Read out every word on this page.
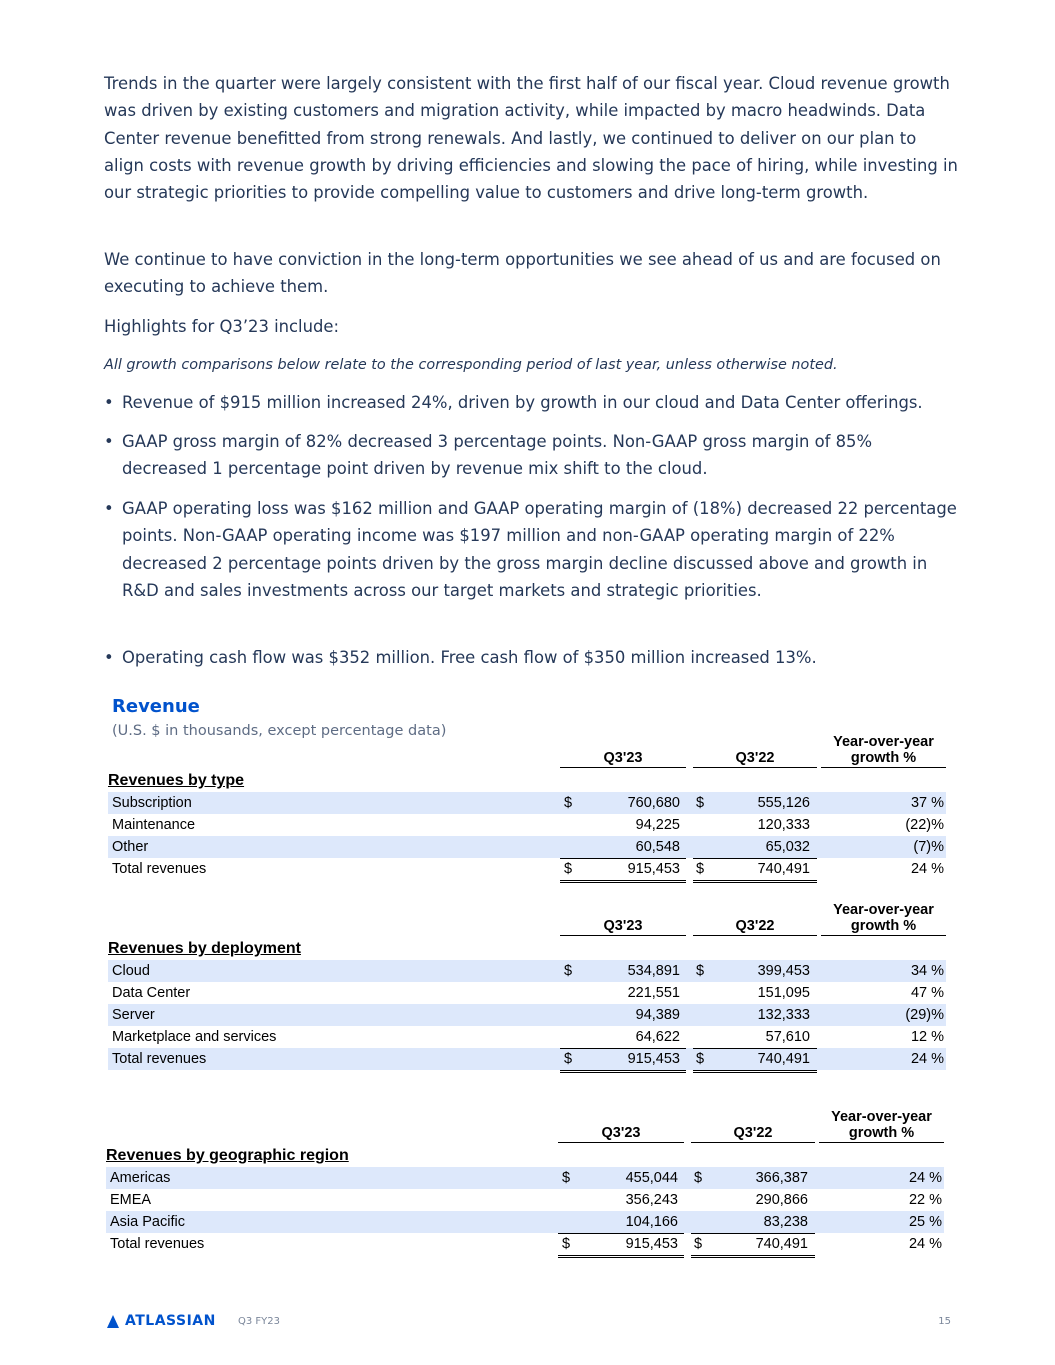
Trends in the quarter were largely consistent with the first half of our fiscal year. Cloud revenue growth was driven by existing customers and migration activity, while impacted by macro headwinds. Data Center revenue benefitted from strong renewals. And lastly, we continued to deliver on our plan to align costs with revenue growth by driving efficiencies and slowing the pace of hiring, while investing in our strategic priorities to provide compelling value to customers and drive long-term growth.

We continue to have conviction in the long-term opportunities we see ahead of us and are focused on executing to achieve them.

Highlights for Q3’23 include:

All growth comparisons below relate to the corresponding period of last year, unless otherwise noted.

• Revenue of $915 million increased 24%, driven by growth in our cloud and Data Center offerings.
• GAAP gross margin of 82% decreased 3 percentage points. Non-GAAP gross margin of 85% decreased 1 percentage point driven by revenue mix shift to the cloud.
• GAAP operating loss was $162 million and GAAP operating margin of (18%) decreased 22 percentage points. Non-GAAP operating income was $197 million and non-GAAP operating margin of 22% decreased 2 percentage points driven by the gross margin decline discussed above and growth in R&D and sales investments across our target markets and strategic priorities.
• Operating cash flow was $352 million. Free cash flow of $350 million increased 13%.
Revenue
(U.S. $ in thousands, except percentage data)
Q3'23	Q3'22
Year-over-year
growth %
Revenues by type
Subscription	$	760,680 $	555,126	37 %
Maintenance	94,225	120,333	(22)%
Other	60,548	65,032	(7)%
Total revenues	$	915,453 $	740,491	24 %
Q3'23	Q3'22
Year-over-year
growth %
Revenues by deployment
Cloud	$	534,891 $	399,453	34 %
Data Center	221,551	151,095	47 %
Server	94,389	132,333	(29)%
Marketplace and services	64,622	57,610	12 %
Total revenues	$	915,453 $	740,491	24 %
Q3'23	Q3'22
Year-over-year
growth %
Revenues by geographic region
Americas	$	455,044 $	366,387	24 %
EMEA	356,243	290,866	22 %
Asia Pacific	104,166	83,238	25 %
Total revenues	$	915,453 $	740,491	24 %
ATLASSIAN Q3 FY23	15
